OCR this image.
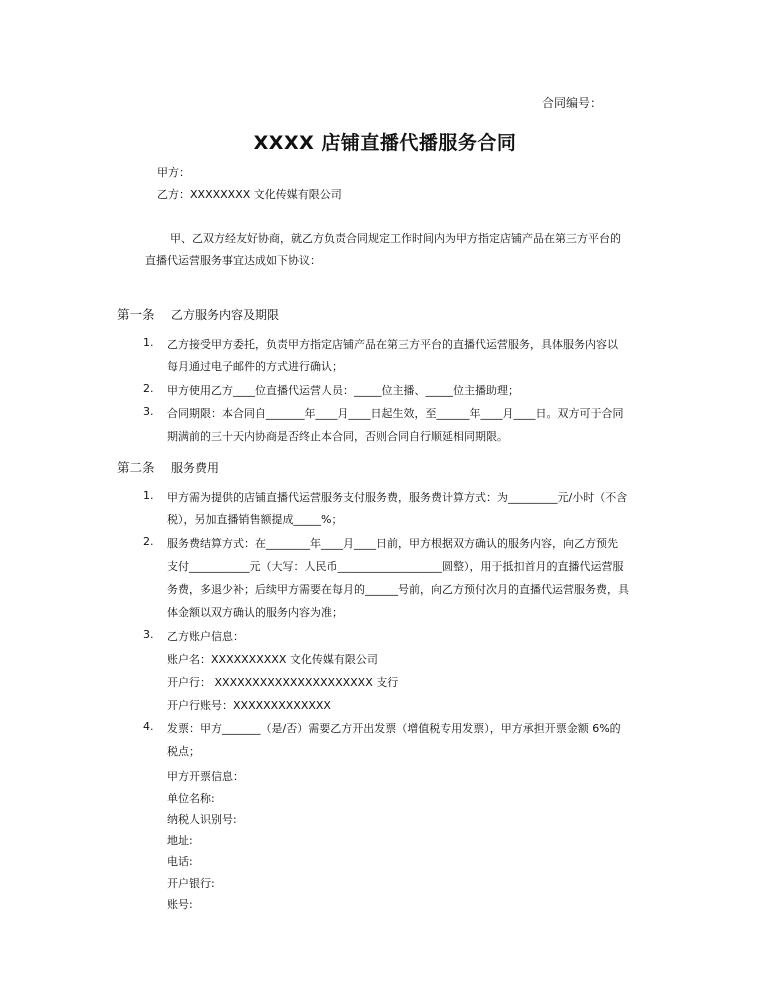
合同编号：
XXXX 店铺直播代播服务合同
甲方：
乙方：XXXXXXXX 文化传媒有限公司
甲、乙双方经友好协商，就乙方负责合同规定工作时间内为甲方指定店铺产品在第三方平台的
直播代运营服务事宜达成如下协议：
第一条 乙方服务内容及期限
1. 乙方接受甲方委托，负责甲方指定店铺产品在第三方平台的直播代运营服务，具体服务内容以
每月通过电子邮件的方式进行确认；
2. 甲方使用乙方____位直播代运营人员：_____位主播、_____位主播助理；
3. 合同期限：本合同自_______年____月____日起生效，至______年____月____日。双方可于合同
期满前的三十天内协商是否终止本合同，否则合同自行顺延相同期限。
第二条 服务费用
1. 甲方需为提供的店铺直播代运营服务支付服务费，服务费计算方式：为_________元/小时（不含
税），另加直播销售额提成_____%；
2. 服务费结算方式：在________年____月____日前，甲方根据双方确认的服务内容，向乙方预先
支付___________元（大写：人民币___________________圆整），用于抵扣首月的直播代运营服
务费，多退少补；后续甲方需要在每月的______号前，向乙方预付次月的直播代运营服务费，具
体金额以双方确认的服务内容为准；
3. 乙方账户信息：
账户名：XXXXXXXXXX 文化传媒有限公司
开户行： XXXXXXXXXXXXXXXXXXXXX 支行
开户行账号：XXXXXXXXXXXXX
4. 发票：甲方_______（是/否）需要乙方开出发票（增值税专用发票），甲方承担开票金额 6%的
税点；
甲方开票信息：
单位名称:
纳税人识别号:
地址:
电话:
开户银行:
账号:
